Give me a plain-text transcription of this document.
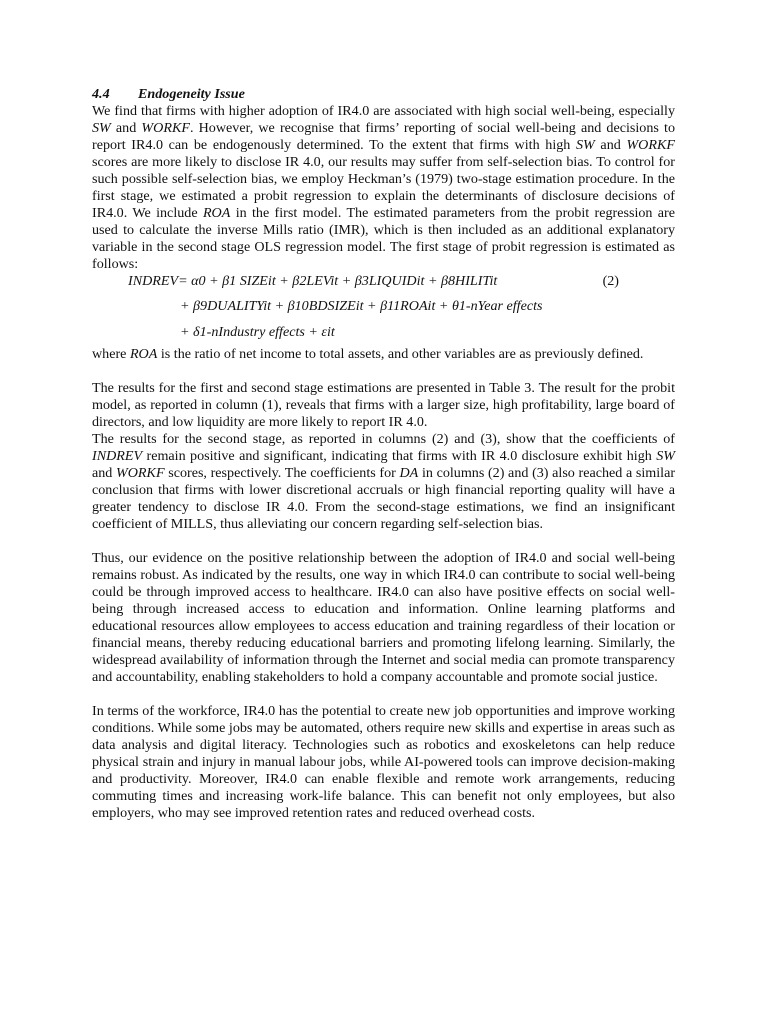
4.4 Endogeneity Issue

We find that firms with higher adoption of IR4.0 are associated with high social well-being, especially SW and WORKF. However, we recognise that firms’ reporting of social well-being and decisions to report IR4.0 can be endogenously determined. To the extent that firms with high SW and WORKF scores are more likely to disclose IR 4.0, our results may suffer from self-selection bias. To control for such possible self-selection bias, we employ Heckman’s (1979) two-stage estimation procedure. In the first stage, we estimated a probit regression to explain the determinants of disclosure decisions of IR4.0. We include ROA in the first model. The estimated parameters from the probit regression are used to calculate the inverse Mills ratio (IMR), which is then included as an additional explanatory variable in the second stage OLS regression model. The first stage of probit regression is estimated as follows:

INDREV= α0 + β1 SIZEit + β2LEVit + β3LIQUIDit + β8HILITit	(2)
+ β9DUALITYit + β10BDSIZEit + β11ROAit + θ1-nYear effects
+ δ1-nIndustry effects + εit

where ROA is the ratio of net income to total assets, and other variables are as previously defined.

The results for the first and second stage estimations are presented in Table 3. The result for the probit model, as reported in column (1), reveals that firms with a larger size, high profitability, large board of directors, and low liquidity are more likely to report IR 4.0.

The results for the second stage, as reported in columns (2) and (3), show that the coefficients of INDREV remain positive and significant, indicating that firms with IR 4.0 disclosure exhibit high SW and WORKF scores, respectively. The coefficients for DA in columns (2) and (3) also reached a similar conclusion that firms with lower discretional accruals or high financial reporting quality will have a greater tendency to disclose IR 4.0. From the second-stage estimations, we find an insignificant coefficient of MILLS, thus alleviating our concern regarding self-selection bias.

Thus, our evidence on the positive relationship between the adoption of IR4.0 and social well-being remains robust. As indicated by the results, one way in which IR4.0 can contribute to social well-being could be through improved access to healthcare. IR4.0 can also have positive effects on social well-being through increased access to education and information. Online learning platforms and educational resources allow employees to access education and training regardless of their location or financial means, thereby reducing educational barriers and promoting lifelong learning. Similarly, the widespread availability of information through the Internet and social media can promote transparency and accountability, enabling stakeholders to hold a company accountable and promote social justice.

In terms of the workforce, IR4.0 has the potential to create new job opportunities and improve working conditions. While some jobs may be automated, others require new skills and expertise in areas such as data analysis and digital literacy. Technologies such as robotics and exoskeletons can help reduce physical strain and injury in manual labour jobs, while AI-powered tools can improve decision-making and productivity. Moreover, IR4.0 can enable flexible and remote work arrangements, reducing commuting times and increasing work-life balance. This can benefit not only employees, but also employers, who may see improved retention rates and reduced overhead costs.
